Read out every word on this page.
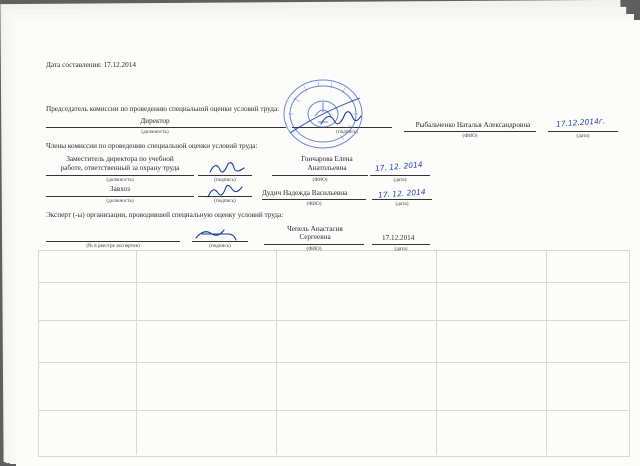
Дата составления: 17.12.2014
Председатель комиссии по проведению специальной оценки условий труда:
Директор
(должность)	(подпись)
Рыбальченко Наталья Александровна
(ФИО)
17.12.2014г.
(дата)
Члены комиссии по проведению специальной оценки условий труда:
Заместитель директора по учебной
работе, ответственный за охрану труда
(должность)	(подпись)
Гончарова Елена
Анатольевна
(ФИО)
17. 12. 2014
(дата)
Завхоз
(должность)	(подпись)
Дудич Надежда Васильевна
(ФИО)
17. 12. 2014
(дата)
Эксперт (-ы) организации, проводившей специальную оценку условий труда:
(№ в реестре экспертов)	(подпись)
Чепель Анастасия
Сергеевна
(ФИО)
17.12.2014
(дата)
